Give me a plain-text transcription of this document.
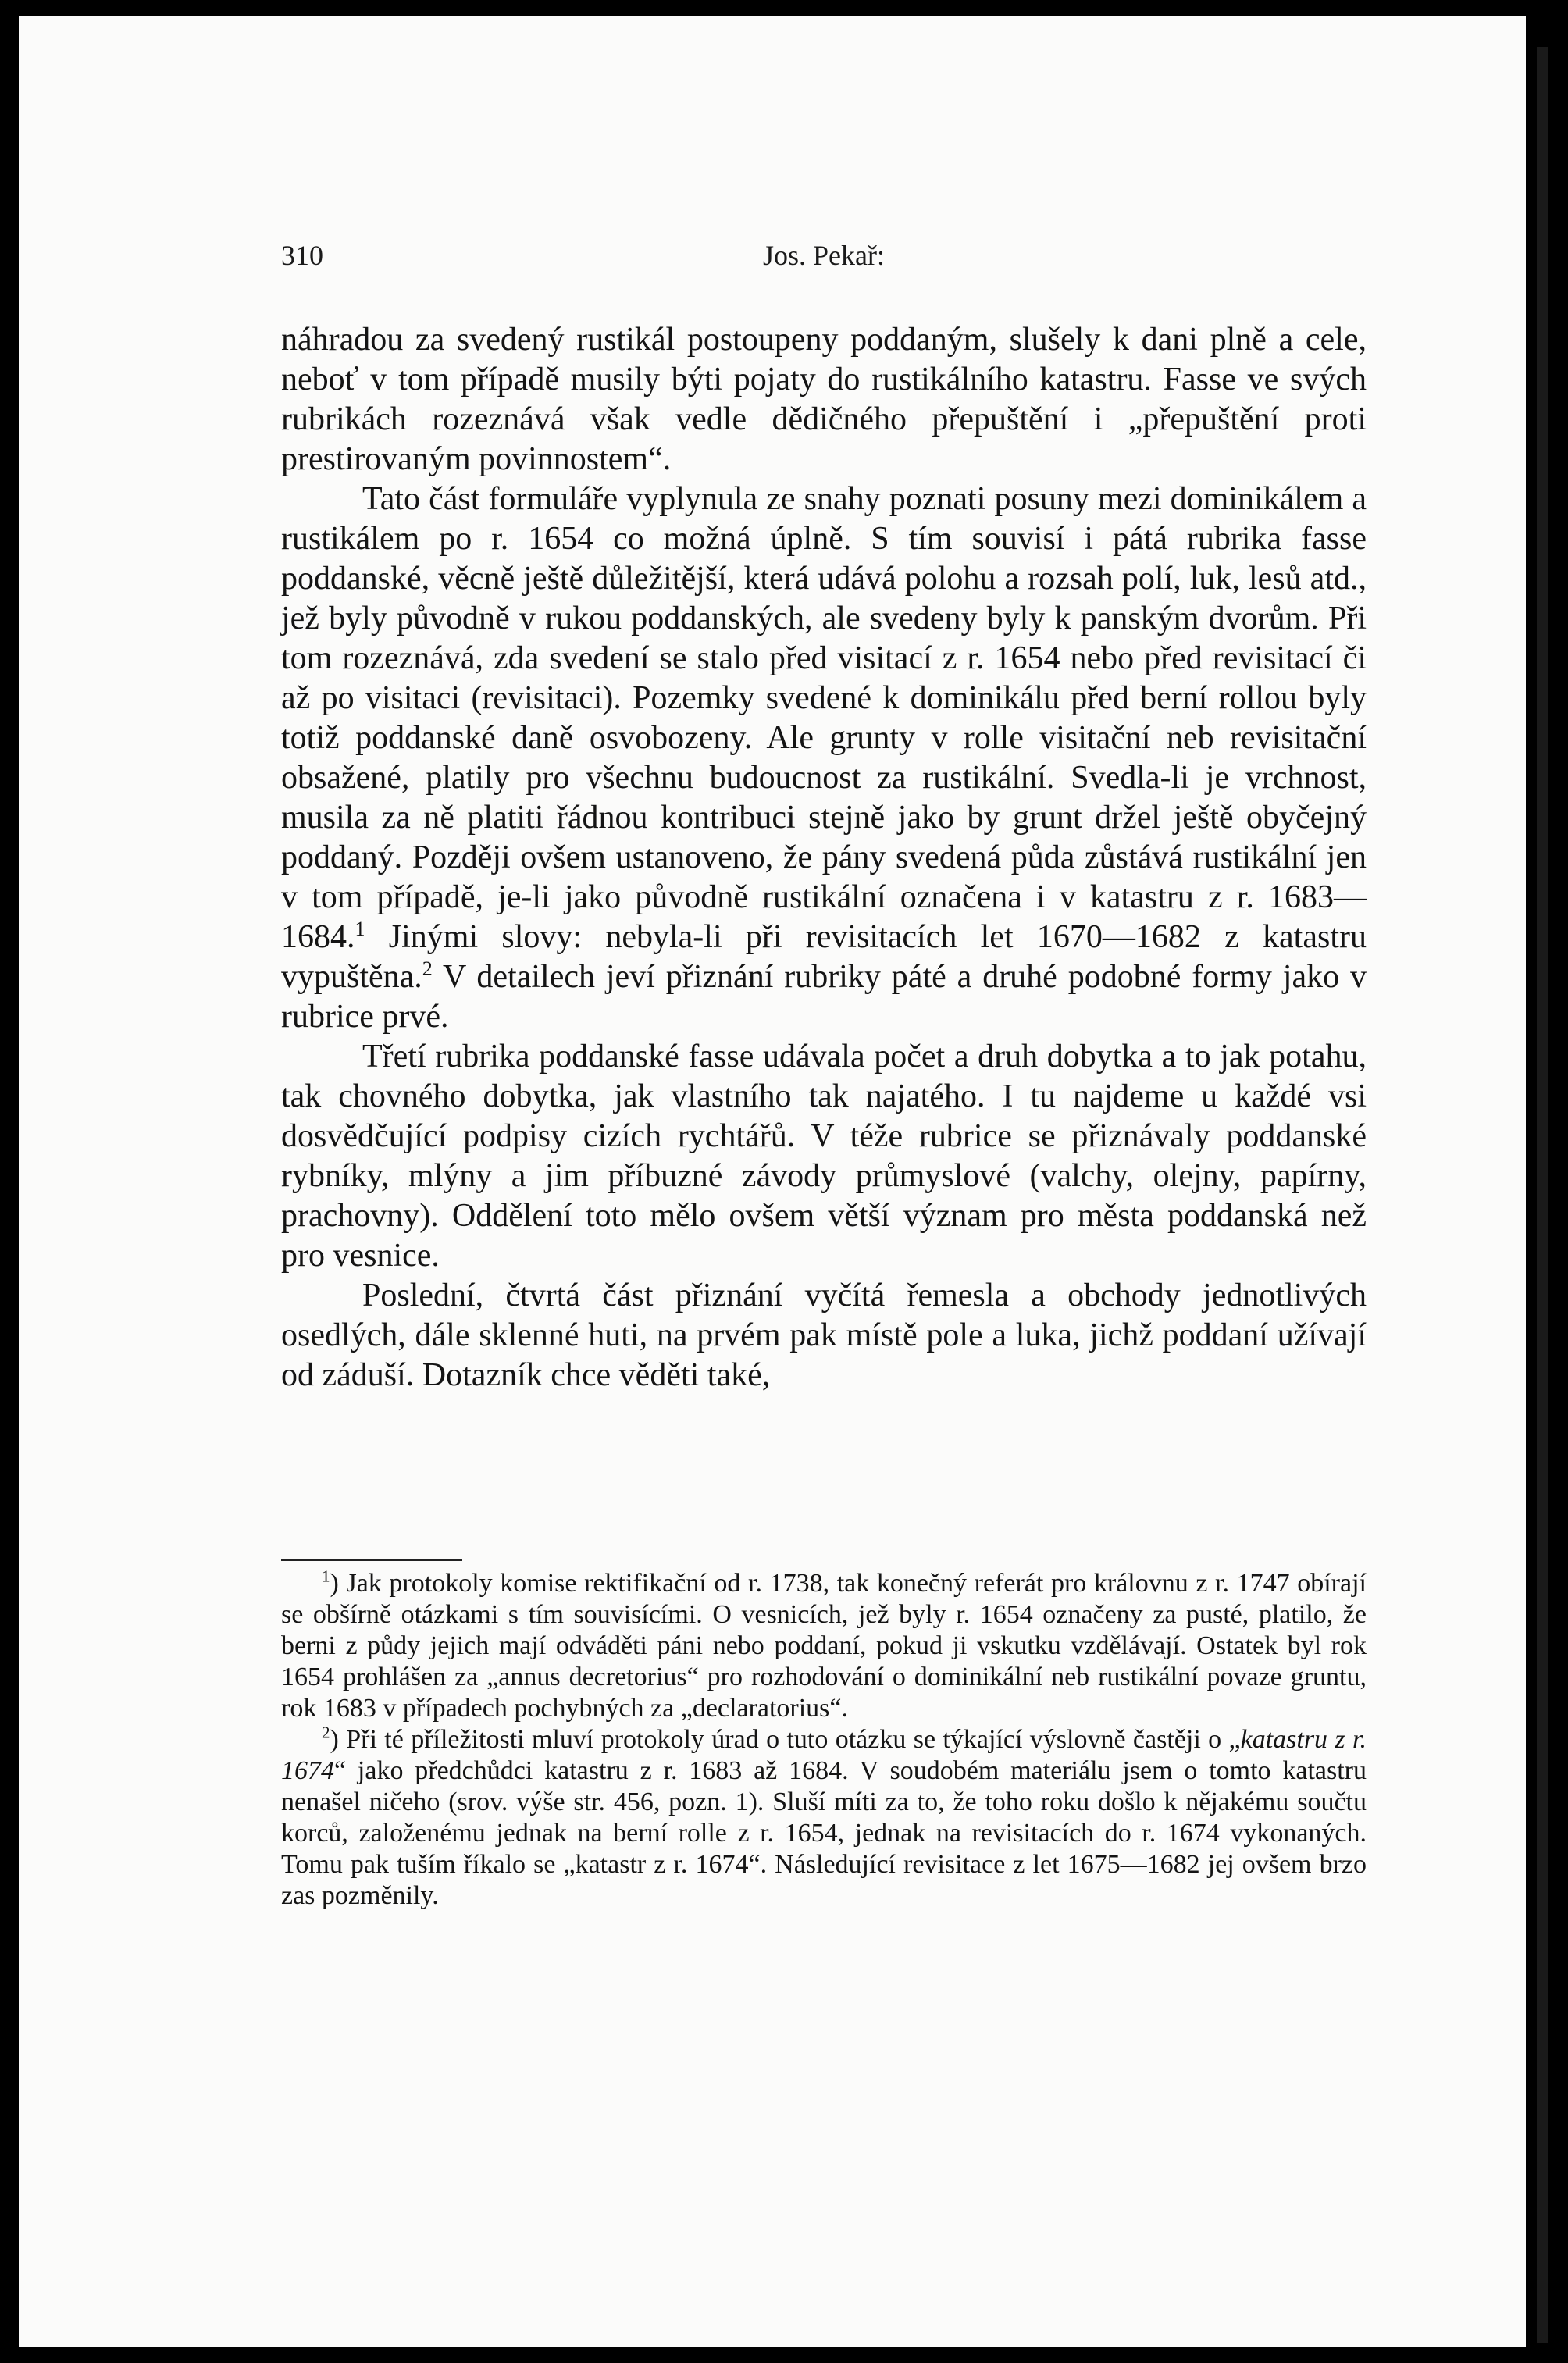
310	Jos. Pekař:

náhradou za svedený rustikál postoupeny poddaným, slušely k dani plně a cele, neboť v tom případě musily býti pojaty do rustikálního katastru. Fasse ve svých rubrikách rozeznává však vedle dědičného přepuštění i „přepuštění proti prestirovaným povinnostem“.

Tato část formuláře vyplynula ze snahy poznati posuny mezi dominikálem a rustikálem po r. 1654 co možná úplně. S tím souvisí i pátá rubrika fasse poddanské, věcně ještě důležitější, která udává polohu a rozsah polí, luk, lesů atd., jež byly původně v rukou poddanských, ale svedeny byly k panským dvorům. Při tom rozeznává, zda svedení se stalo před visitací z r. 1654 nebo před revisitací či až po visitaci (revisitaci). Pozemky svedené k dominikálu před berní rollou byly totiž poddanské daně osvobozeny. Ale grunty v rolle visitační neb revisitační obsažené, platily pro všechnu budoucnost za rustikální. Svedla-li je vrchnost, musila za ně platiti řádnou kontribuci stejně jako by grunt držel ještě obyčejný poddaný. Později ovšem ustanoveno, že pány svedená půda zůstává rustikální jen v tom případě, je-li jako původně rustikální označena i v katastru z r. 1683—1684.$^1$ Jinými slovy: nebyla-li při revisitacích let 1670—1682 z katastru vypuštěna.$^2$ V detailech jeví přiznání rubriky páté a druhé podobné formy jako v rubrice prvé.

Třetí rubrika poddanské fasse udávala počet a druh dobytka a to jak potahu, tak chovného dobytka, jak vlastního tak najatého. I tu najdeme u každé vsi dosvědčující podpisy cizích rychtářů. V téže rubrice se přiznávaly poddanské rybníky, mlýny a jim příbuzné závody průmyslové (valchy, olejny, papírny, prachovny). Oddělení toto mělo ovšem větší význam pro města poddanská než pro vesnice.

Poslední, čtvrtá část přiznání vyčítá řemesla a obchody jednotlivých osedlých, dále sklenné huti, na prvém pak místě pole a luka, jichž poddaní užívají od záduší. Dotazník chce věděti také,

$^1$) Jak protokoly komise rektifikační od r. 1738, tak konečný referát pro královnu z r. 1747 obírají se obšírně otázkami s tím souvisícími. O vesnicích, jež byly r. 1654 označeny za pusté, platilo, že berni z půdy jejich mají odváděti páni nebo poddaní, pokud ji vskutku vzdělávají. Ostatek byl rok 1654 prohlášen za „annus decretorius“ pro rozhodování o dominikální neb rustikální povaze gruntu, rok 1683 v případech pochybných za „declaratorius“.

$^2$) Při té příležitosti mluví protokoly úrad o tuto otázku se týkající výslovně častěji o „katastru z r. 1674“ jako předchůdci katastru z r. 1683 až 1684. V soudobém materiálu jsem o tomto katastru nenašel ničeho (srov. výše str. 456, pozn. 1). Sluší míti za to, že toho roku došlo k nějakému součtu korců, založenému jednak na berní rolle z r. 1654, jednak na revisitacích do r. 1674 vykonaných. Tomu pak tuším říkalo se „katastr z r. 1674“. Následující revisitace z let 1675—1682 jej ovšem brzo zas pozměnily.
